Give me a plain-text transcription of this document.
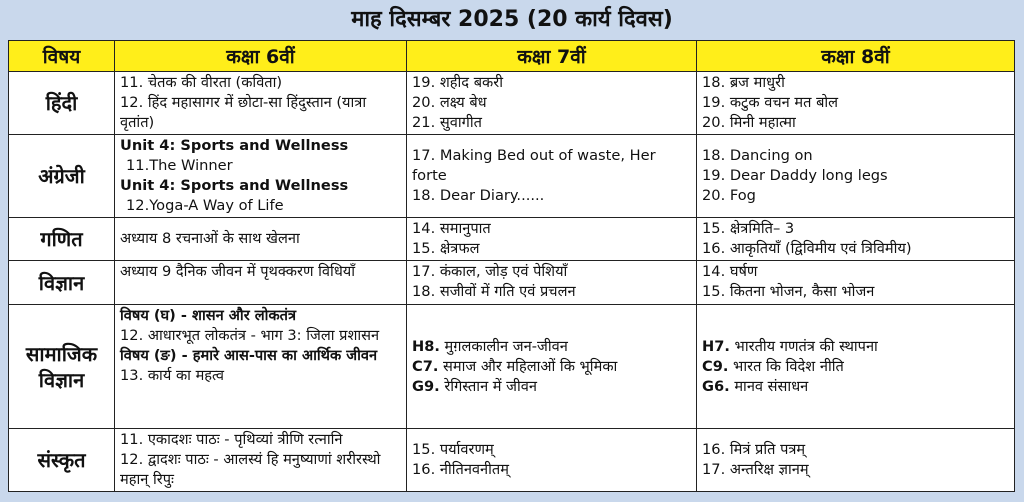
माह दिसम्बर 2025 (20 कार्य दिवस)
विषय	कक्षा 6वीं	कक्षा 7वीं	कक्षा 8वीं
हिंदी	11. चेतक की वीरता (कविता)
12. हिंद महासागर में छोटा-सा हिंदुस्तान (यात्रा वृतांत)	19. शहीद बकरी
20. लक्ष्य बेध
21. सुवागीत	18. ब्रज माधुरी
19. कटुक वचन मत बोल
20. मिनी महात्मा

अंग्रेजी	Unit 4: Sports and Wellness
11.The Winner
Unit 4: Sports and Wellness
12.Yoga-A Way of Life	17. Making Bed out of waste, Her forte
18. Dear Diary......	18. Dancing on
19. Dear Daddy long legs
20. Fog

गणित	अध्याय 8 रचनाओं के साथ खेलना	14. समानुपात
15. क्षेत्रफल	15. क्षेत्रमिति– 3
16. आकृतियाँ (द्विविमीय एवं त्रिविमीय)

विज्ञान	अध्याय 9 दैनिक जीवन में पृथक्करण विधियाँ	17. कंकाल, जोड़ एवं पेशियाँ
18. सजीवों में गति एवं प्रचलन	14. घर्षण
15. कितना भोजन, कैसा भोजन

सामाजिक
विज्ञान	विषय (घ) - शासन और लोकतंत्र
12. आधारभूत लोकतंत्र - भाग 3: जिला प्रशासन
विषय (ङ) - हमारे आस-पास का आर्थिक जीवन
13. कार्य का महत्व	H8. मुग़लकालीन जन-जीवन
C7. समाज और महिलाओं कि भूमिका
G9. रेगिस्तान में जीवन	H7. भारतीय गणतंत्र की स्थापना
C9. भारत कि विदेश नीति
G6. मानव संसाधन

संस्कृत	11. एकादशः पाठः - पृथिव्यां त्रीणि रत्नानि
12. द्वादशः पाठः - आलस्यं हि मनुष्याणां शरीरस्थो महान् रिपुः	15. पर्यावरणम्
16. नीतिनवनीतम्	16. मित्रं प्रति पत्रम्
17. अन्तरिक्ष ज्ञानम्
